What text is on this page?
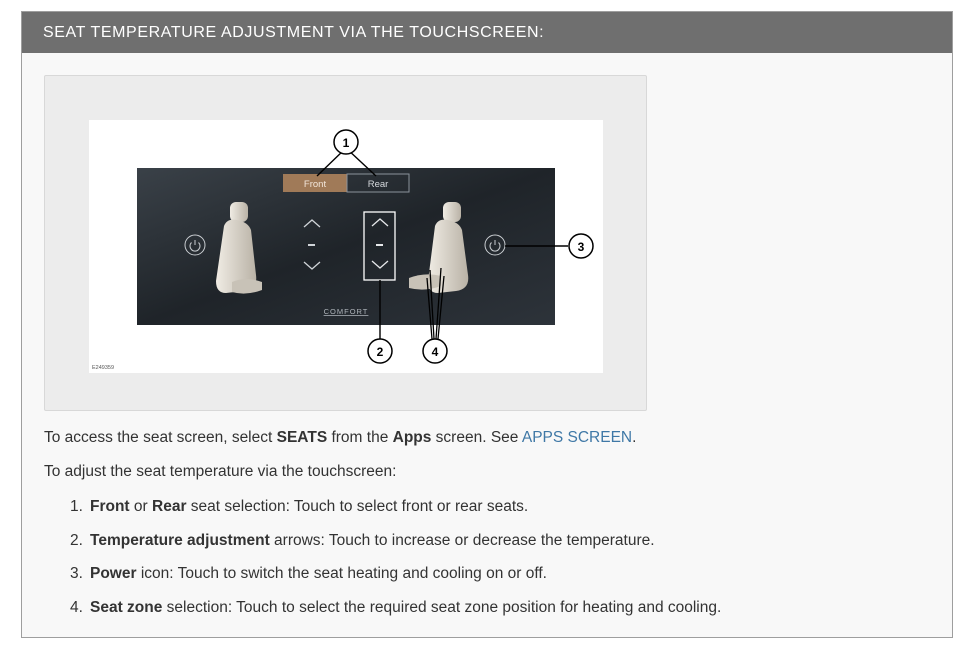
SEAT TEMPERATURE ADJUSTMENT VIA THE TOUCHSCREEN:
Front	Rear
COMFORT
1
2
3
4
E249359
To access the seat screen, select SEATS from the Apps screen. See APPS SCREEN.
To adjust the seat temperature via the touchscreen:
1. Front or Rear seat selection: Touch to select front or rear seats.
2. Temperature adjustment arrows: Touch to increase or decrease the temperature.
3. Power icon: Touch to switch the seat heating and cooling on or off.
4. Seat zone selection: Touch to select the required seat zone position for heating and cooling.
